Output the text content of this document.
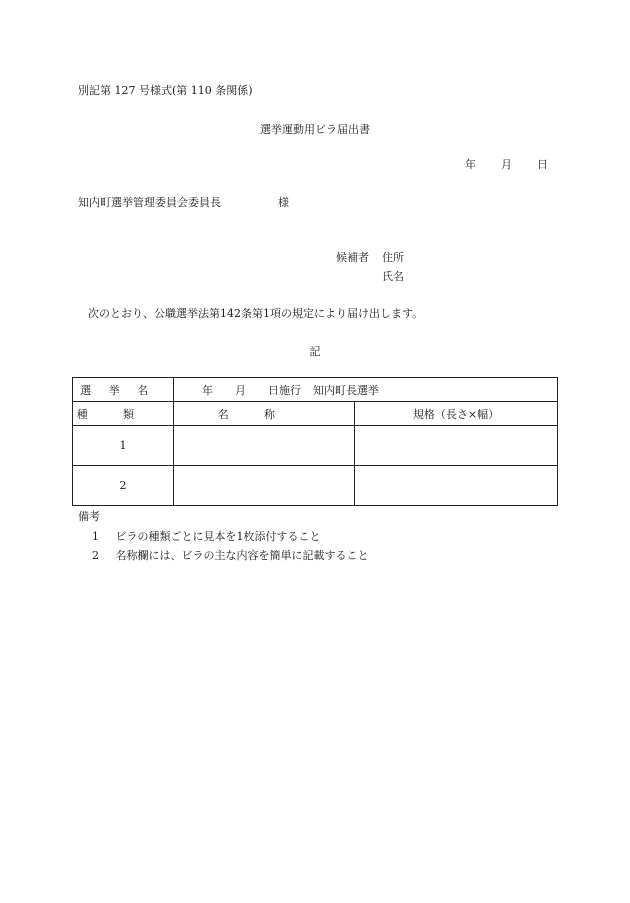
別記第 127 号様式(第 110 条関係)
選挙運動用ビラ届出書
年 月 日
知内町選挙管理委員会委員長	様
候補者 住所
氏名
次のとおり、公職選挙法第142条第1項の規定により届け出します。
記
選挙名	年 月 日施行 知内町長選挙	
種類	名称	規格（長さ×幅）
1		
2		
備考
1 ビラの種類ごとに見本を1枚添付すること
2 名称欄には、ビラの主な内容を簡単に記載すること
